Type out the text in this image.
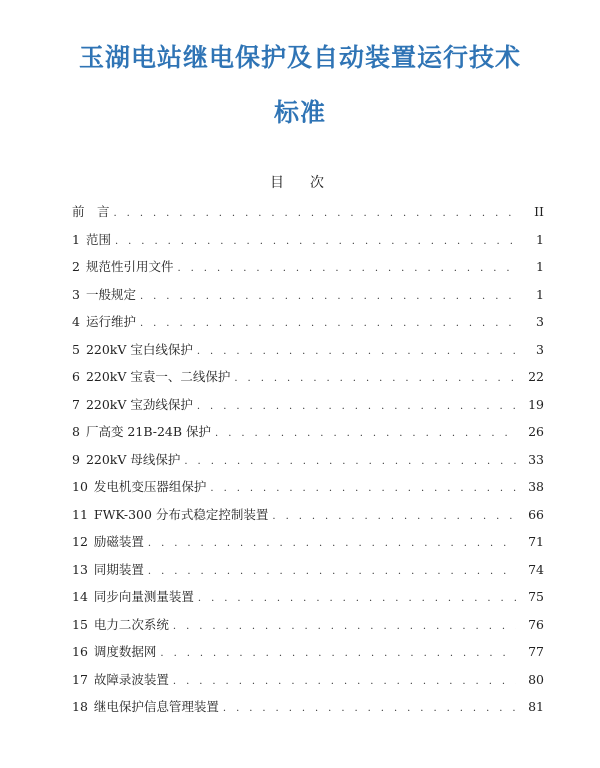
玉湖电站继电保护及自动装置运行技术
标准
目　次
前　言 . . .	II
1 范围 . . .	1
2 规范性引用文件 . . .	1
3 一般规定 . . .	1
4 运行维护 . . .	3
5 220kV 宝白线保护 . . .	3
6 220kV 宝袁一、二线保护 . . .	22
7 220kV 宝劲线保护 . . .	19
8 厂高变 21B-24B 保护 . . .	26
9 220kV 母线保护 . . .	33
10 发电机变压器组保护 . . .	38
11 FWK-300 分布式稳定控制装置 . . .	66
12 励磁装置 . . .	71
13 同期装置 . . .	74
14 同步向量测量装置 . . .	75
15 电力二次系统 . . .	76
16 调度数据网 . . .	77
17 故障录波装置 . . .	80
18 继电保护信息管理装置 . . .	81
